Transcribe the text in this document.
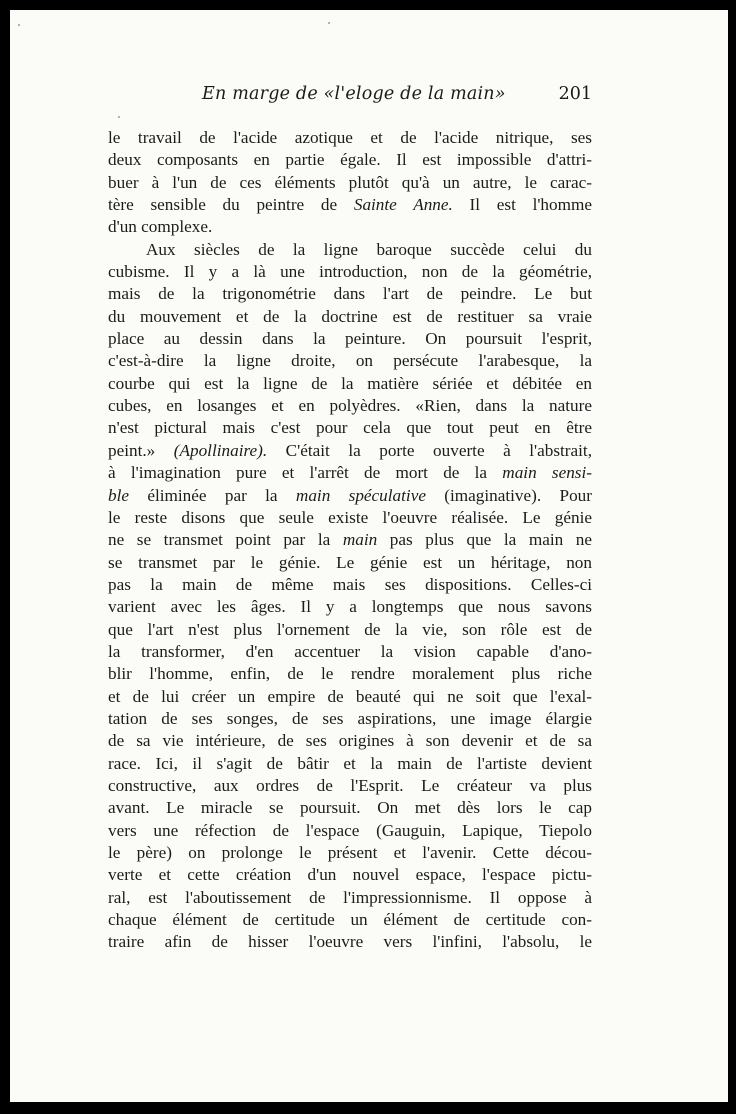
En marge de «l'eloge de la main»	201
le travail de l'acide azotique et de l'acide nitrique, ses
deux composants en partie égale. Il est impossible d'attri-
buer à l'un de ces éléments plutôt qu'à un autre, le carac-
tère sensible du peintre de Sainte Anne. Il est l'homme
d'un complexe.
Aux siècles de la ligne baroque succède celui du
cubisme. Il y a là une introduction, non de la géométrie,
mais de la trigonométrie dans l'art de peindre. Le but
du mouvement et de la doctrine est de restituer sa vraie
place au dessin dans la peinture. On poursuit l'esprit,
c'est-à-dire la ligne droite, on persécute l'arabesque, la
courbe qui est la ligne de la matière sériée et débitée en
cubes, en losanges et en polyèdres. «Rien, dans la nature
n'est pictural mais c'est pour cela que tout peut en être
peint.» (Apollinaire). C'était la porte ouverte à l'abstrait,
à l'imagination pure et l'arrêt de mort de la main sensi-
ble éliminée par la main spéculative (imaginative). Pour
le reste disons que seule existe l'oeuvre réalisée. Le génie
ne se transmet point par la main pas plus que la main ne
se transmet par le génie. Le génie est un héritage, non
pas la main de même mais ses dispositions. Celles-ci
varient avec les âges. Il y a longtemps que nous savons
que l'art n'est plus l'ornement de la vie, son rôle est de
la transformer, d'en accentuer la vision capable d'ano-
blir l'homme, enfin, de le rendre moralement plus riche
et de lui créer un empire de beauté qui ne soit que l'exal-
tation de ses songes, de ses aspirations, une image élargie
de sa vie intérieure, de ses origines à son devenir et de sa
race. Ici, il s'agit de bâtir et la main de l'artiste devient
constructive, aux ordres de l'Esprit. Le créateur va plus
avant. Le miracle se poursuit. On met dès lors le cap
vers une réfection de l'espace (Gauguin, Lapique, Tiepolo
le père) on prolonge le présent et l'avenir. Cette décou-
verte et cette création d'un nouvel espace, l'espace pictu-
ral, est l'aboutissement de l'impressionnisme. Il oppose à
chaque élément de certitude un élément de certitude con-
traire afin de hisser l'oeuvre vers l'infini, l'absolu, le
